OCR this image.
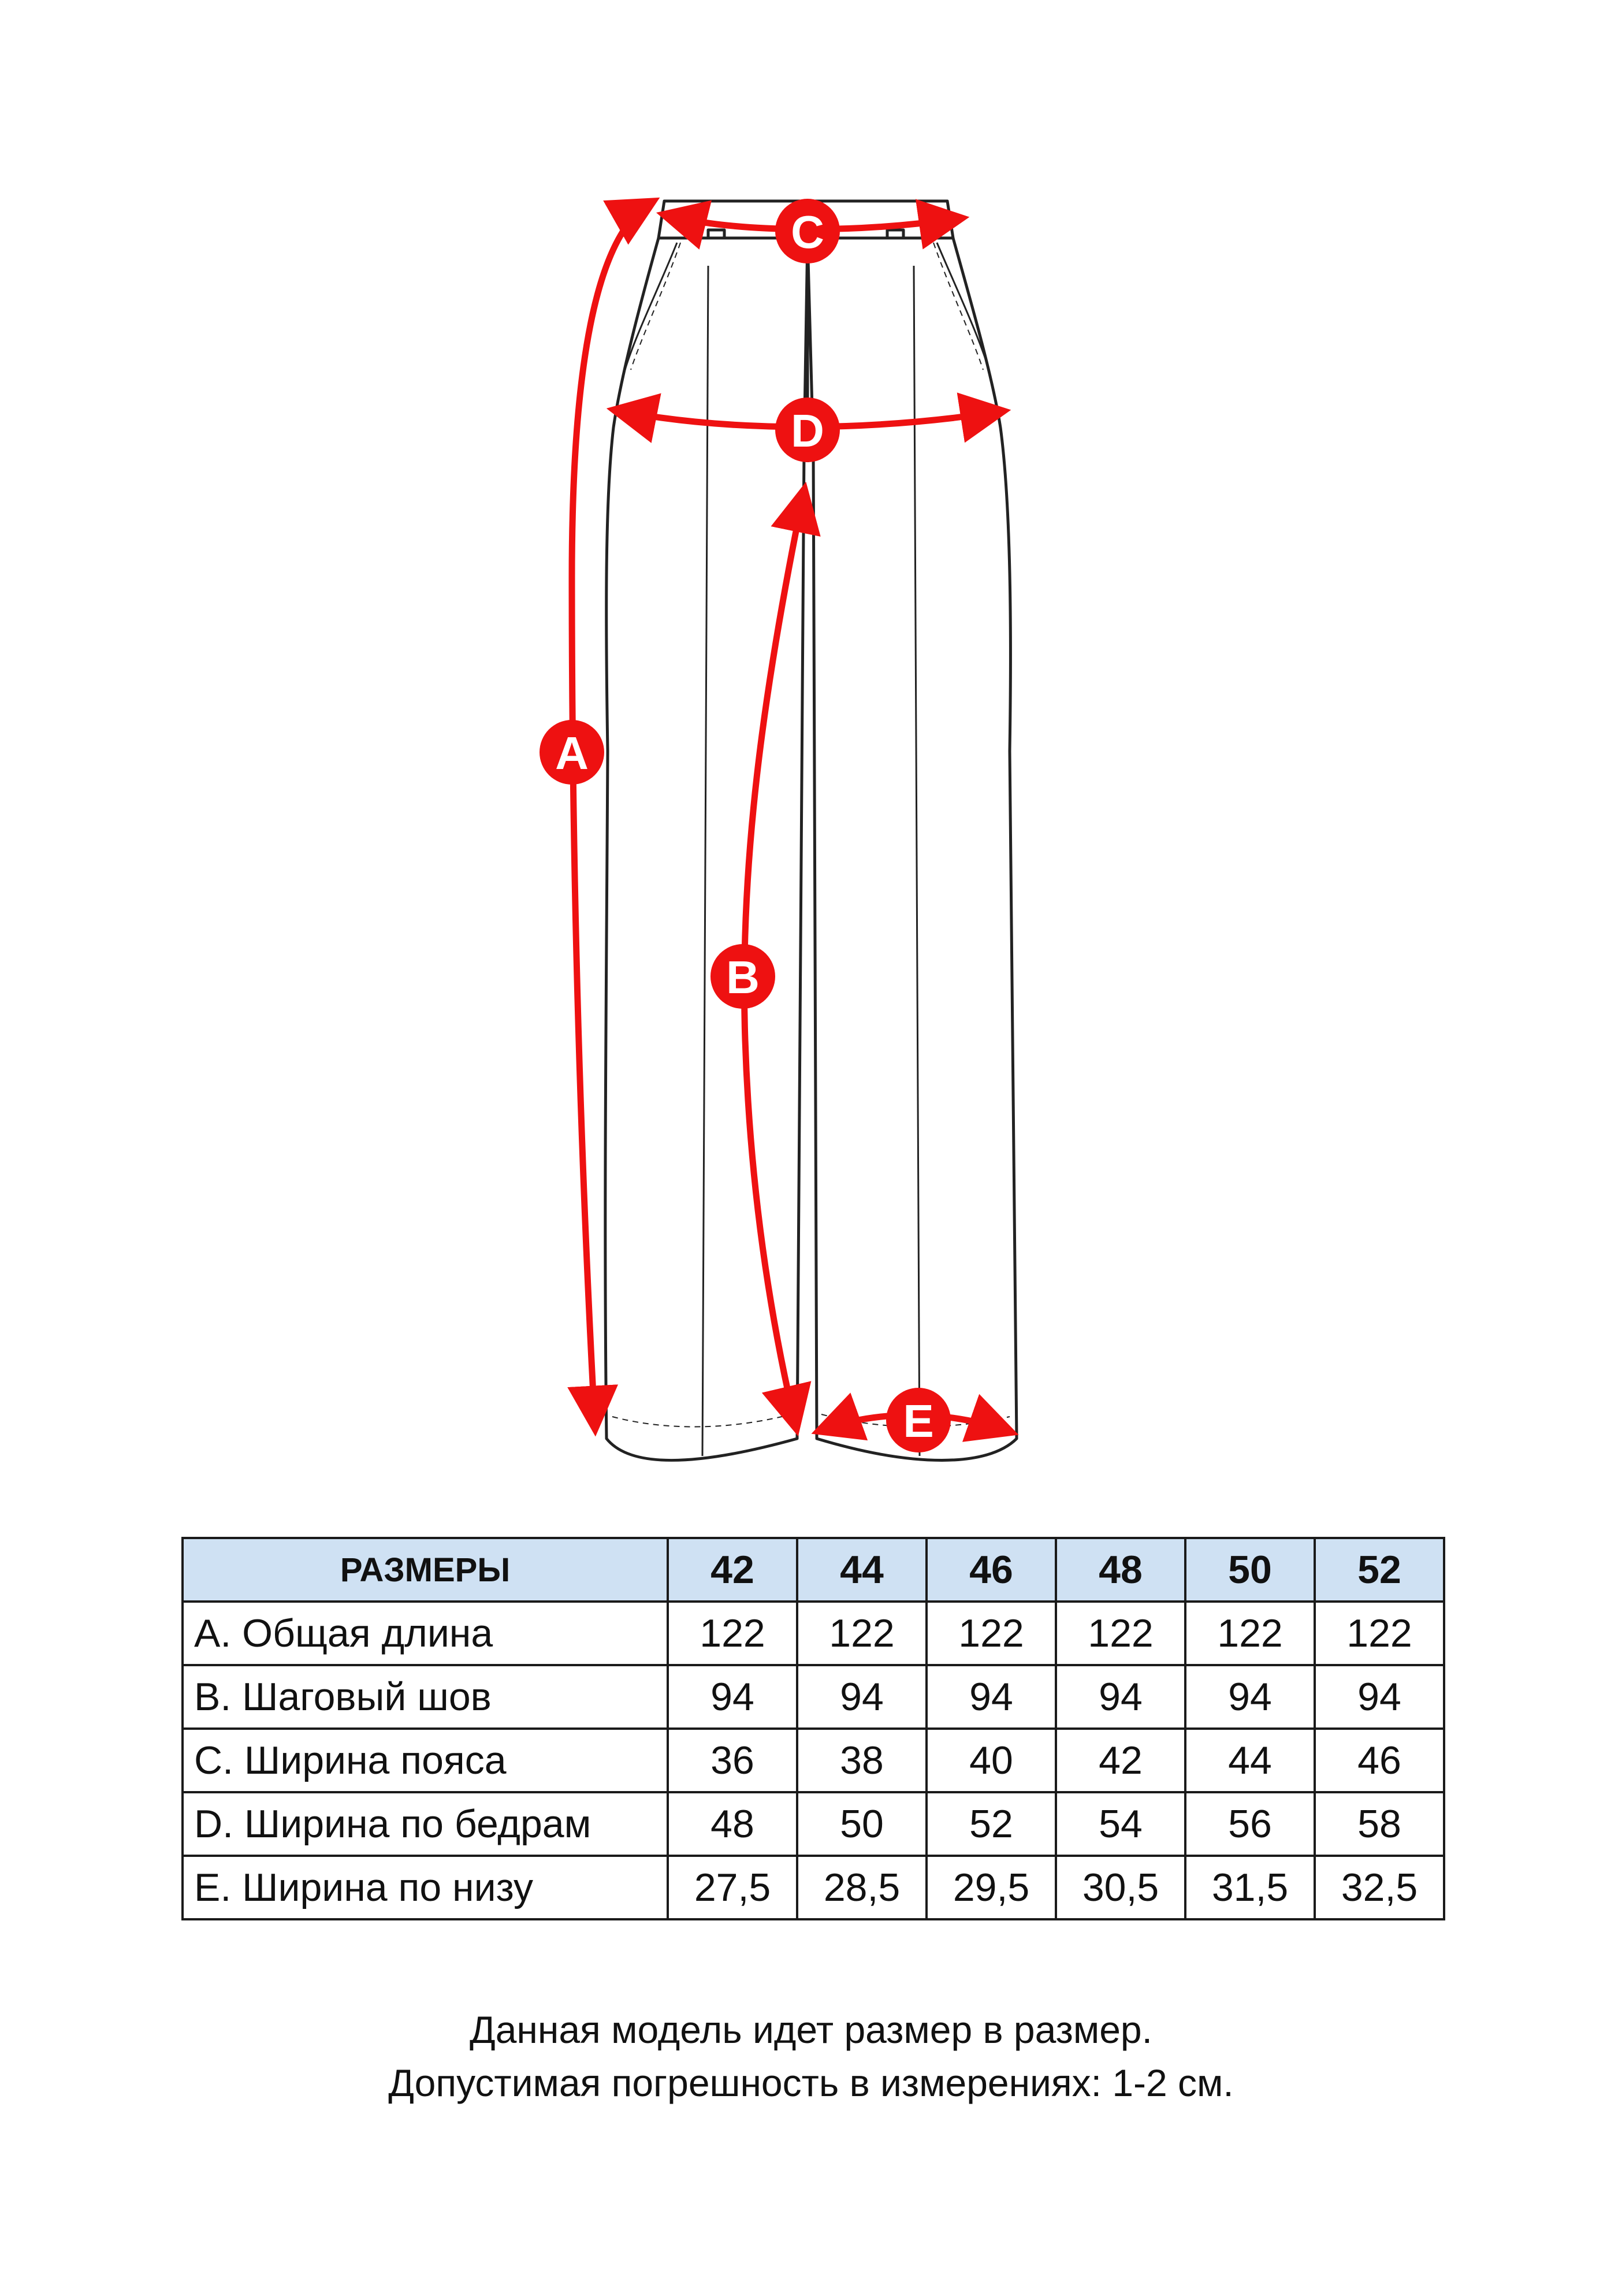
A
B
C
D
E
РАЗМЕРЫ	42	44	46	48	50	52
A. Общая длина	122	122	122	122	122	122
B. Шаговый шов	94	94	94	94	94	94
C. Ширина пояса	36	38	40	42	44	46
D. Ширина по бедрам	48	50	52	54	56	58
E. Ширина по низу	27,5	28,5	29,5	30,5	31,5	32,5
Данная модель идет размер в размер.
Допустимая погрешность в измерениях: 1-2 см.
